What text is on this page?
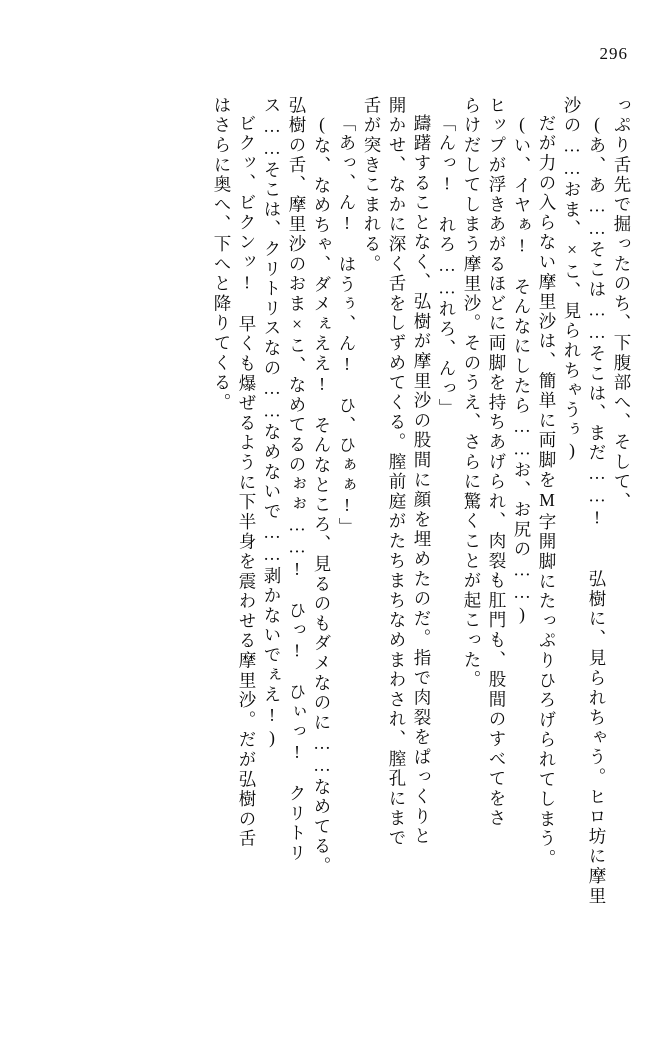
296
っぷり舌先で掘ったのち、下腹部へ、そして、
(あ、あ……そこは……そこは、まだ……!　　弘樹に、見られちゃう。ヒロ坊に摩里
沙の……おま、×こ、見られちゃうぅ)
だが力の入らない摩里沙は、簡単に両脚をM字開脚にたっぷりひろげられてしまう。
(い、イヤぁ!　そんなにしたら……お、お尻の……)
ヒップが浮きあがるほどに両脚を持ちあげられ、肉裂も肛門も、股間のすべてをさ
らけだしてしまう摩里沙。そのうえ、さらに驚くことが起こった。
「んっ!　れろ……れろ、んっ」
躊躇することなく、弘樹が摩里沙の股間に顔を埋めたのだ。指で肉裂をぱっくりと
開かせ、なかに深く舌をしずめてくる。膣前庭がたちまちなめまわされ、膣孔にまで
舌が突きこまれる。
「あっ、ん!　はうぅ、ん!　ひ、ひぁぁ!」
(な、なめちゃ、ダメぇええ!　そんなところ、見るのもダメなのに……なめてる。
弘樹の舌、摩里沙のおま×こ、なめてるのぉぉ……!　ひっ!　ひぃっ!　クリトリ
ス……そこは、クリトリスなの……なめないで……剥かないでぇえ!)
ビクッ、ビクンッ!　早くも爆ぜるように下半身を震わせる摩里沙。だが弘樹の舌
はさらに奥へ、下へと降りてくる。
